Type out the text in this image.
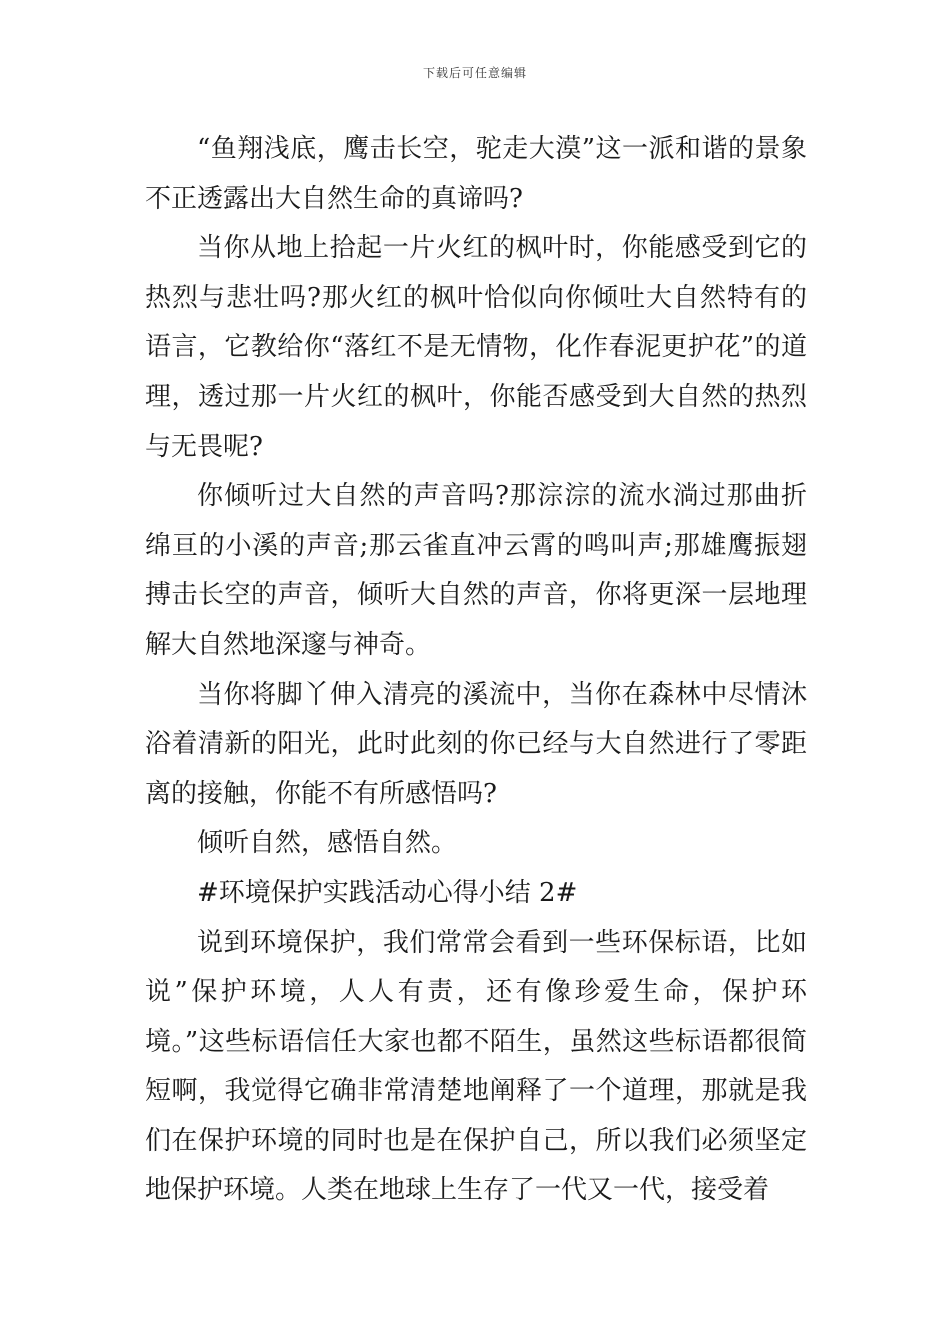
下载后可任意编辑

“鱼翔浅底，鹰击长空，驼走大漠”这一派和谐的景象不正透露出大自然生命的真谛吗?

当你从地上拾起一片火红的枫叶时，你能感受到它的热烈与悲壮吗?那火红的枫叶恰似向你倾吐大自然特有的语言，它教给你“落红不是无情物，化作春泥更护花”的道理，透过那一片火红的枫叶，你能否感受到大自然的热烈与无畏呢?

你倾听过大自然的声音吗?那淙淙的流水淌过那曲折绵亘的小溪的声音;那云雀直冲云霄的鸣叫声;那雄鹰振翅搏击长空的声音，倾听大自然的声音，你将更深一层地理解大自然地深邃与神奇。

当你将脚丫伸入清亮的溪流中，当你在森林中尽情沐浴着清新的阳光，此时此刻的你已经与大自然进行了零距离的接触，你能不有所感悟吗?

倾听自然，感悟自然。

#环境保护实践活动心得小结 2#

说到环境保护，我们常常会看到一些环保标语，比如说”保护环境，人人有责，还有像珍爱生命，保护环境。”这些标语信任大家也都不陌生，虽然这些标语都很简短啊，我觉得它确非常清楚地阐释了一个道理，那就是我们在保护环境的同时也是在保护自己，所以我们必须坚定地保护环境。人类在地球上生存了一代又一代，接受着
